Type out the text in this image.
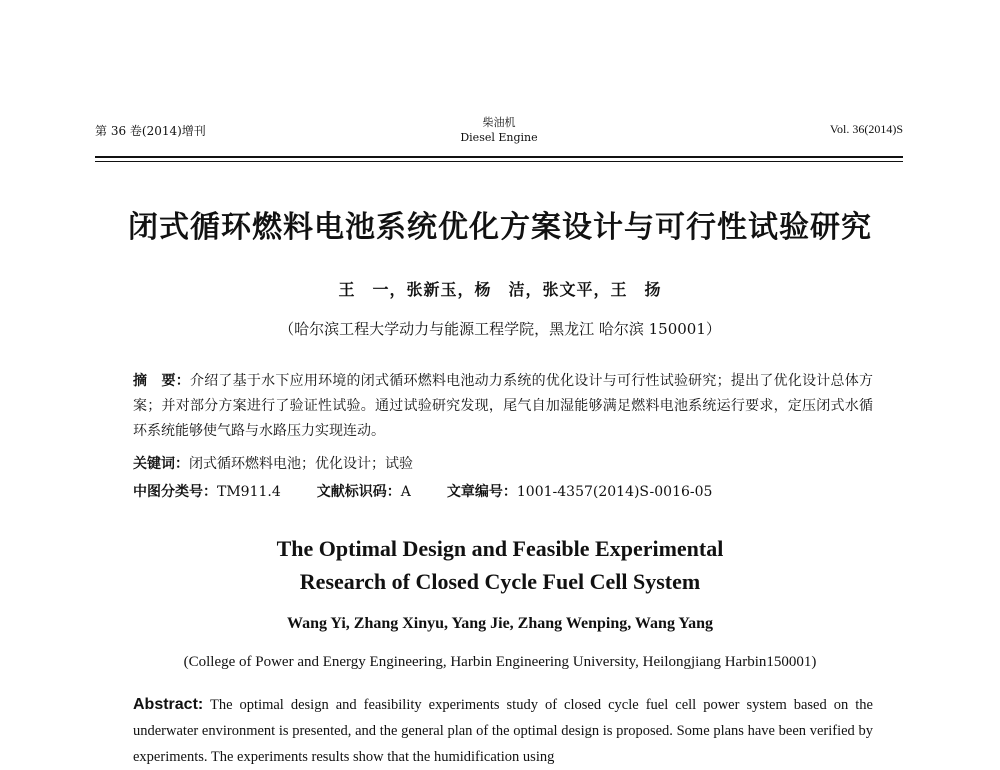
第 36 卷(2014)增刊
柴油机
Diesel Engine
Vol. 36(2014)S
闭式循环燃料电池系统优化方案设计与可行性试验研究
王　一，张新玉，杨　洁，张文平，王　扬
（哈尔滨工程大学动力与能源工程学院，黑龙江 哈尔滨 150001）
摘　要：介绍了基于水下应用环境的闭式循环燃料电池动力系统的优化设计与可行性试验研究；提出了优化设计总体方案；并对部分方案进行了验证性试验。通过试验研究发现，尾气自加湿能够满足燃料电池系统运行要求，定压闭式水循环系统能够使气路与水路压力实现连动。
关键词：闭式循环燃料电池；优化设计；试验
中图分类号：TM911.4	文献标识码：A	文章编号：1001-4357(2014)S-0016-05
The Optimal Design and Feasible Experimental
Research of Closed Cycle Fuel Cell System
Wang Yi, Zhang Xinyu, Yang Jie, Zhang Wenping, Wang Yang
(College of Power and Energy Engineering, Harbin Engineering University, Heilongjiang Harbin150001)
Abstract: The optimal design and feasibility experiments study of closed cycle fuel cell power system based on the underwater environment is presented, and the general plan of the optimal design is proposed. Some plans have been verified by experiments. The experiments results show that the humidification using
